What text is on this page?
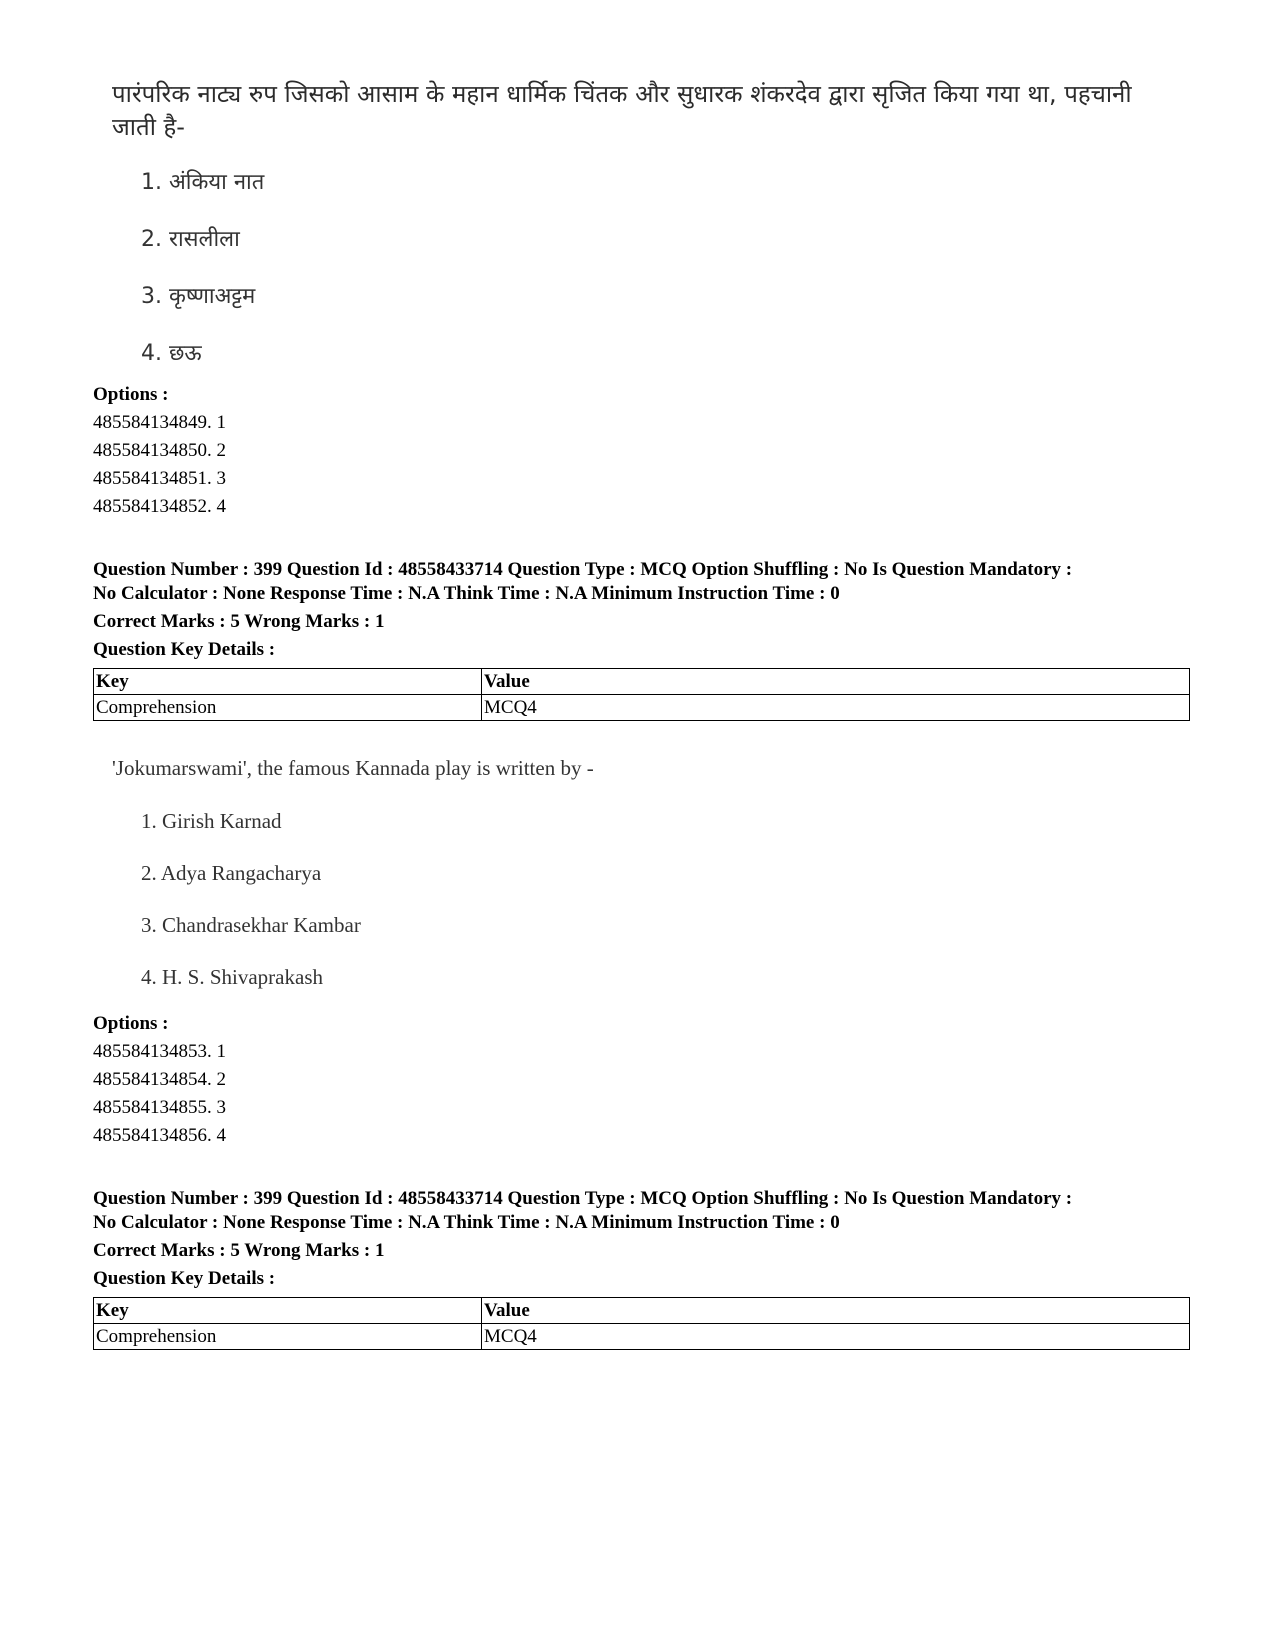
पारंपरिक नाट्य रुप जिसको आसाम के महान धार्मिक चिंतक और सुधारक शंकरदेव द्वारा सृजित किया गया था, पहचानी जाती है-
1. अंकिया नात
2. रासलीला
3. कृष्णाअट्टम
4. छऊ
Options :
485584134849. 1
485584134850. 2
485584134851. 3
485584134852. 4
Question Number : 399 Question Id : 48558433714 Question Type : MCQ Option Shuffling : No Is Question Mandatory :
No Calculator : None Response Time : N.A Think Time : N.A Minimum Instruction Time : 0
Correct Marks : 5 Wrong Marks : 1
Question Key Details :
Key	Value
Comprehension	MCQ4
'Jokumarswami', the famous Kannada play is written by -
1. Girish Karnad
2. Adya Rangacharya
3. Chandrasekhar Kambar
4. H. S. Shivaprakash
Options :
485584134853. 1
485584134854. 2
485584134855. 3
485584134856. 4
Question Number : 399 Question Id : 48558433714 Question Type : MCQ Option Shuffling : No Is Question Mandatory :
No Calculator : None Response Time : N.A Think Time : N.A Minimum Instruction Time : 0
Correct Marks : 5 Wrong Marks : 1
Question Key Details :
Key	Value
Comprehension	MCQ4
